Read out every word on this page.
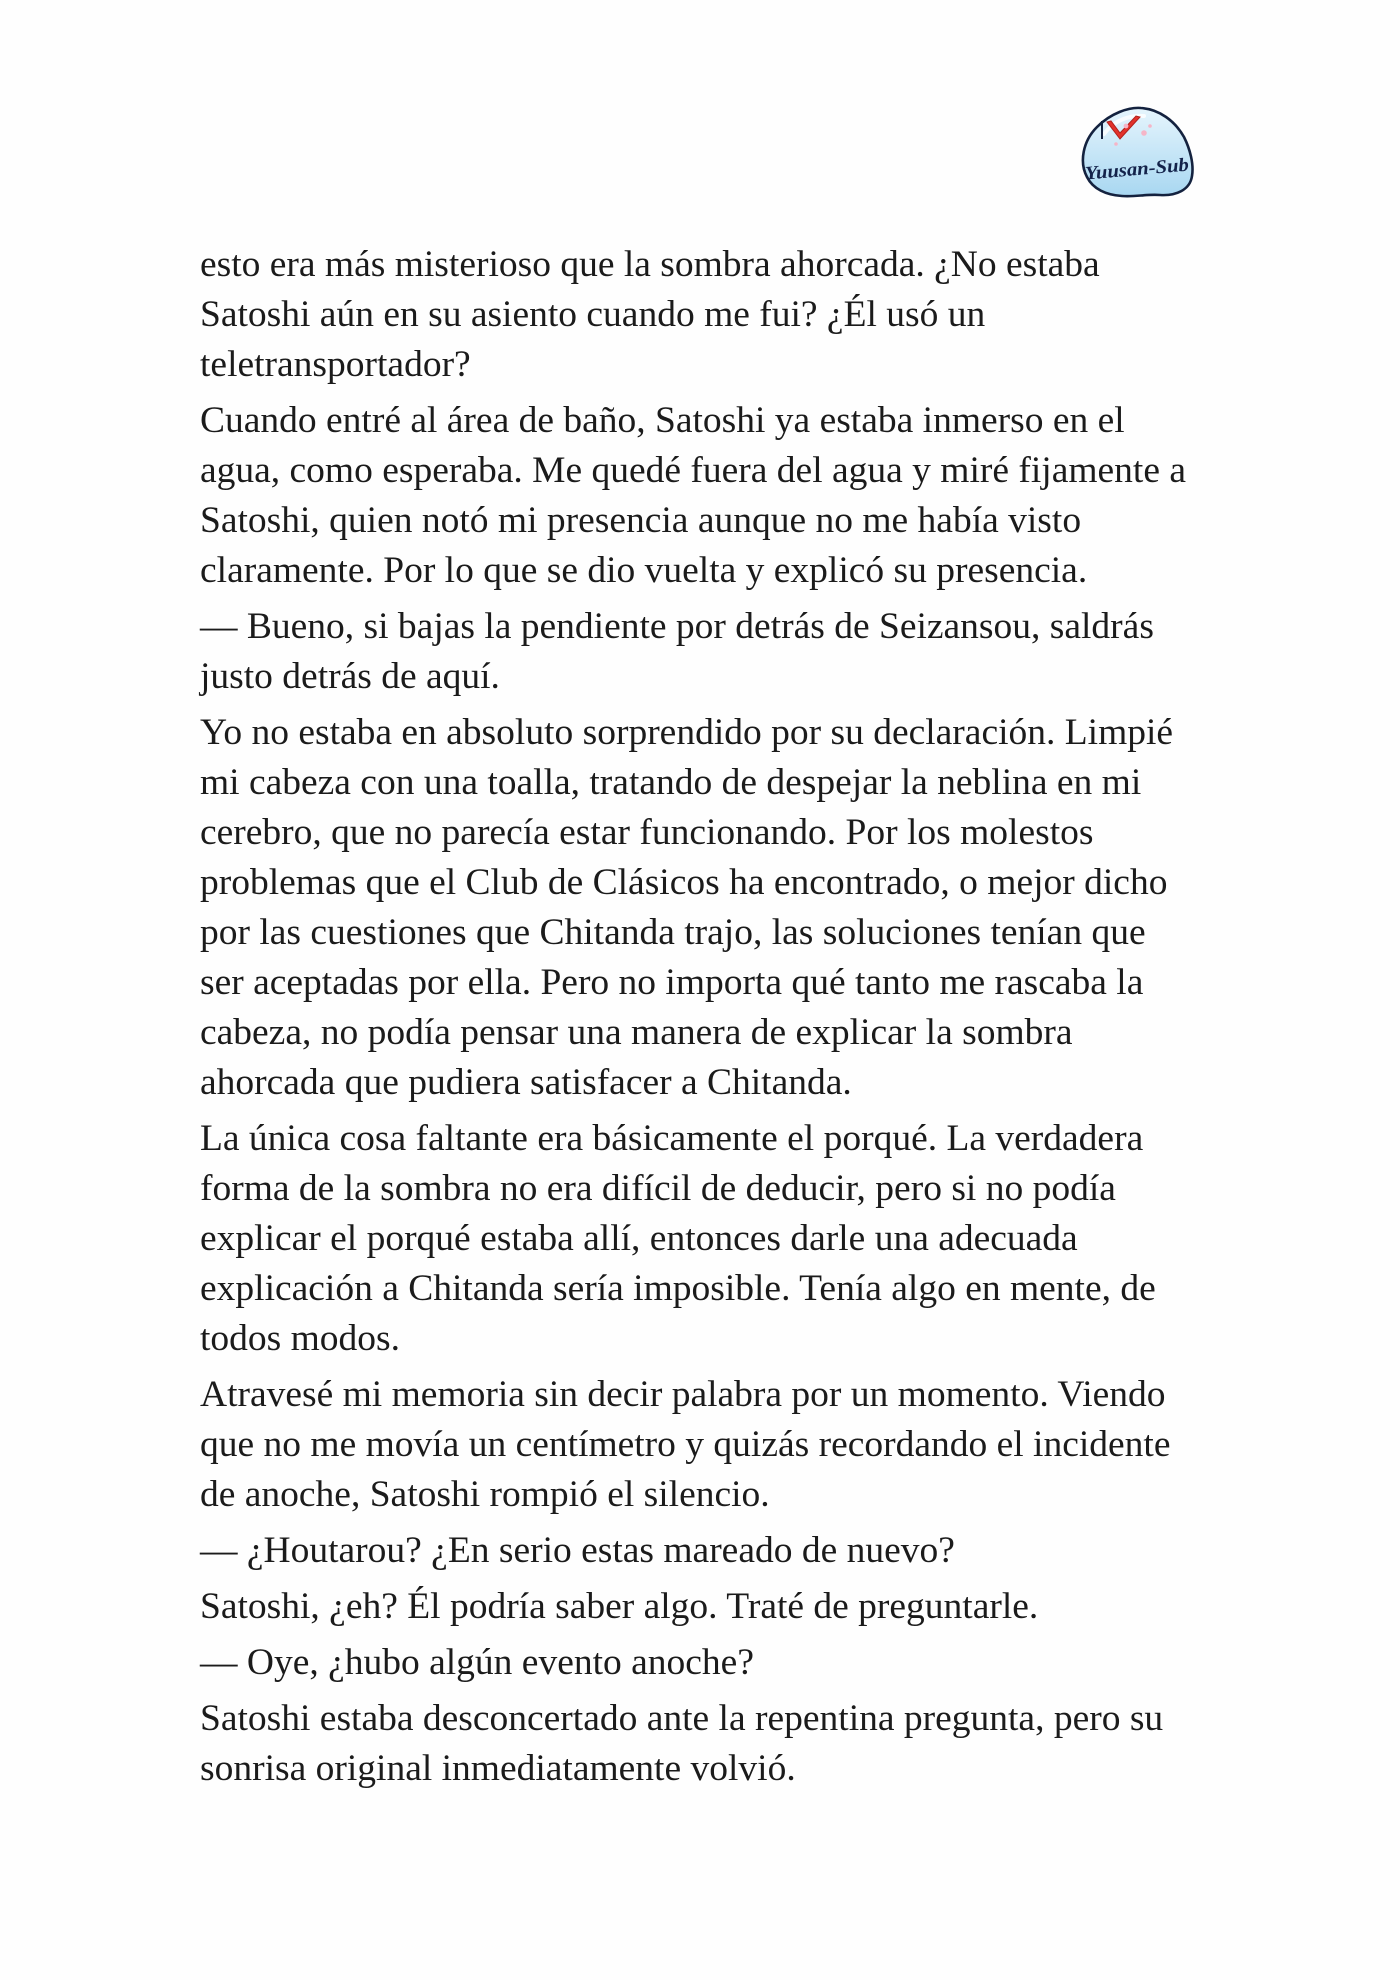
Yuusan-Sub
esto era más misterioso que la sombra ahorcada. ¿No estaba
Satoshi aún en su asiento cuando me fui? ¿Él usó un
teletransportador?
Cuando entré al área de baño, Satoshi ya estaba inmerso en el
agua, como esperaba. Me quedé fuera del agua y miré fijamente a
Satoshi, quien notó mi presencia aunque no me había visto
claramente. Por lo que se dio vuelta y explicó su presencia.
— Bueno, si bajas la pendiente por detrás de Seizansou, saldrás
justo detrás de aquí.
Yo no estaba en absoluto sorprendido por su declaración. Limpié
mi cabeza con una toalla, tratando de despejar la neblina en mi
cerebro, que no parecía estar funcionando. Por los molestos
problemas que el Club de Clásicos ha encontrado, o mejor dicho
por las cuestiones que Chitanda trajo, las soluciones tenían que
ser aceptadas por ella. Pero no importa qué tanto me rascaba la
cabeza, no podía pensar una manera de explicar la sombra
ahorcada que pudiera satisfacer a Chitanda.
La única cosa faltante era básicamente el porqué. La verdadera
forma de la sombra no era difícil de deducir, pero si no podía
explicar el porqué estaba allí, entonces darle una adecuada
explicación a Chitanda sería imposible. Tenía algo en mente, de
todos modos.
Atravesé mi memoria sin decir palabra por un momento. Viendo
que no me movía un centímetro y quizás recordando el incidente
de anoche, Satoshi rompió el silencio.
— ¿Houtarou? ¿En serio estas mareado de nuevo?
Satoshi, ¿eh? Él podría saber algo. Traté de preguntarle.
— Oye, ¿hubo algún evento anoche?
Satoshi estaba desconcertado ante la repentina pregunta, pero su
sonrisa original inmediatamente volvió.
